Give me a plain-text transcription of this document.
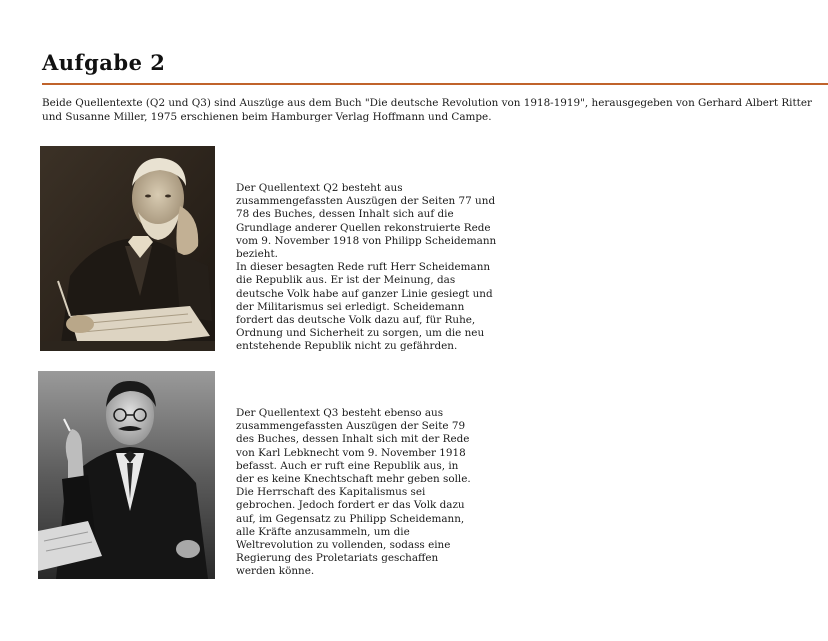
Aufgabe 2

Beide Quellentexte (Q2 und Q3) sind Auszüge aus dem Buch "Die deutsche Revolution von 1918-1919", herausgegeben von Gerhard Albert Ritter und Susanne Miller, 1975 erschienen beim Hamburger Verlag Hoffmann und Campe.

Der Quellentext Q2 besteht aus
zusammengefassten Auszügen der Seiten 77 und
78 des Buches, dessen Inhalt sich auf die
Grundlage anderer Quellen rekonstruierte Rede
vom 9. November 1918 von Philipp Scheidemann
bezieht.

In dieser besagten Rede ruft Herr Scheidemann
die Republik aus. Er ist der Meinung, das
deutsche Volk habe auf ganzer Linie gesiegt und
der Militarismus sei erledigt. Scheidemann
fordert das deutsche Volk dazu auf, für Ruhe,
Ordnung und Sicherheit zu sorgen, um die neu
entstehende Republik nicht zu gefährden.

Der Quellentext Q3 besteht ebenso aus
zusammengefassten Auszügen der Seite 79
des Buches, dessen Inhalt sich mit der Rede
von Karl Lebknecht vom 9. November 1918
befasst. Auch er ruft eine Republik aus, in
der es keine Knechtschaft mehr geben solle.
Die Herrschaft des Kapitalismus sei
gebrochen. Jedoch fordert er das Volk dazu
auf, im Gegensatz zu Philipp Scheidemann,
alle Kräfte anzusammeln, um die
Weltrevolution zu vollenden, sodass eine
Regierung des Proletariats geschaffen
werden könne.
